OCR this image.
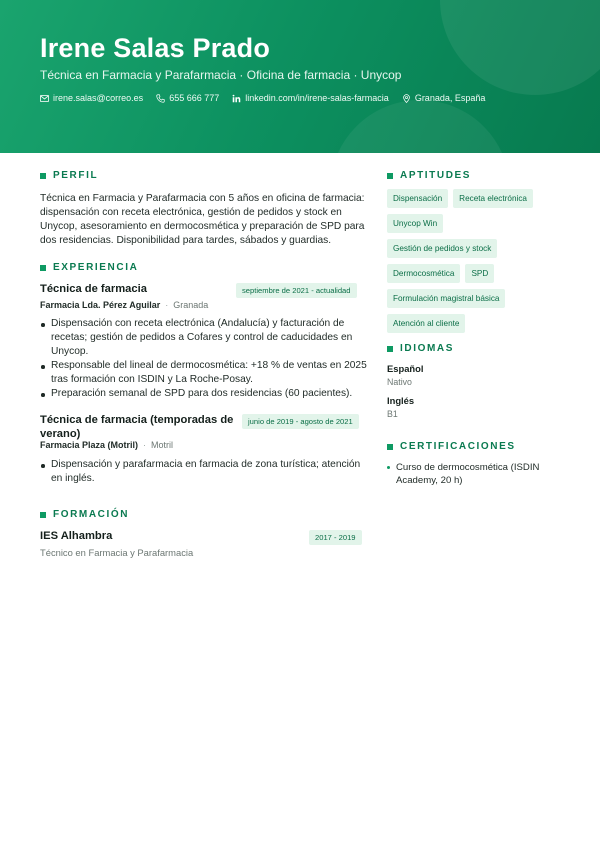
Irene Salas Prado
Técnica en Farmacia y Parafarmacia · Oficina de farmacia · Unycop
irene.salas@correo.es	655 666 777	linkedin.com/in/irene-salas-farmacia	Granada, España
PERFIL
Técnica en Farmacia y Parafarmacia con 5 años en oficina de farmacia:
dispensación con receta electrónica, gestión de pedidos y stock en
Unycop, asesoramiento en dermocosmética y preparación de SPD para
dos residencias. Disponibilidad para tardes, sábados y guardias.
EXPERIENCIA
Técnica de farmacia	septiembre de 2021 - actualidad
Farmacia Lda. Pérez Aguilar · Granada
Dispensación con receta electrónica (Andalucía) y facturación de recetas; gestión de pedidos a Cofares y control de caducidades en Unycop.
Responsable del lineal de dermocosmética: +18 % de ventas en 2025 tras formación con ISDIN y La Roche-Posay.
Preparación semanal de SPD para dos residencias (60 pacientes).
Técnica de farmacia (temporadas de
verano)
junio de 2019 - agosto de 2021
Farmacia Plaza (Motril) · Motril
Dispensación y parafarmacia en farmacia de zona turística; atención en inglés.
FORMACIÓN
IES Alhambra	2017 - 2019
Técnico en Farmacia y Parafarmacia
APTITUDES
Dispensación	Receta electrónica
Unycop Win
Gestión de pedidos y stock
Dermocosmética	SPD
Formulación magistral básica
Atención al cliente
IDIOMAS
Español
Nativo
Inglés
B1
CERTIFICACIONES
Curso de dermocosmética (ISDIN Academy, 20 h)
